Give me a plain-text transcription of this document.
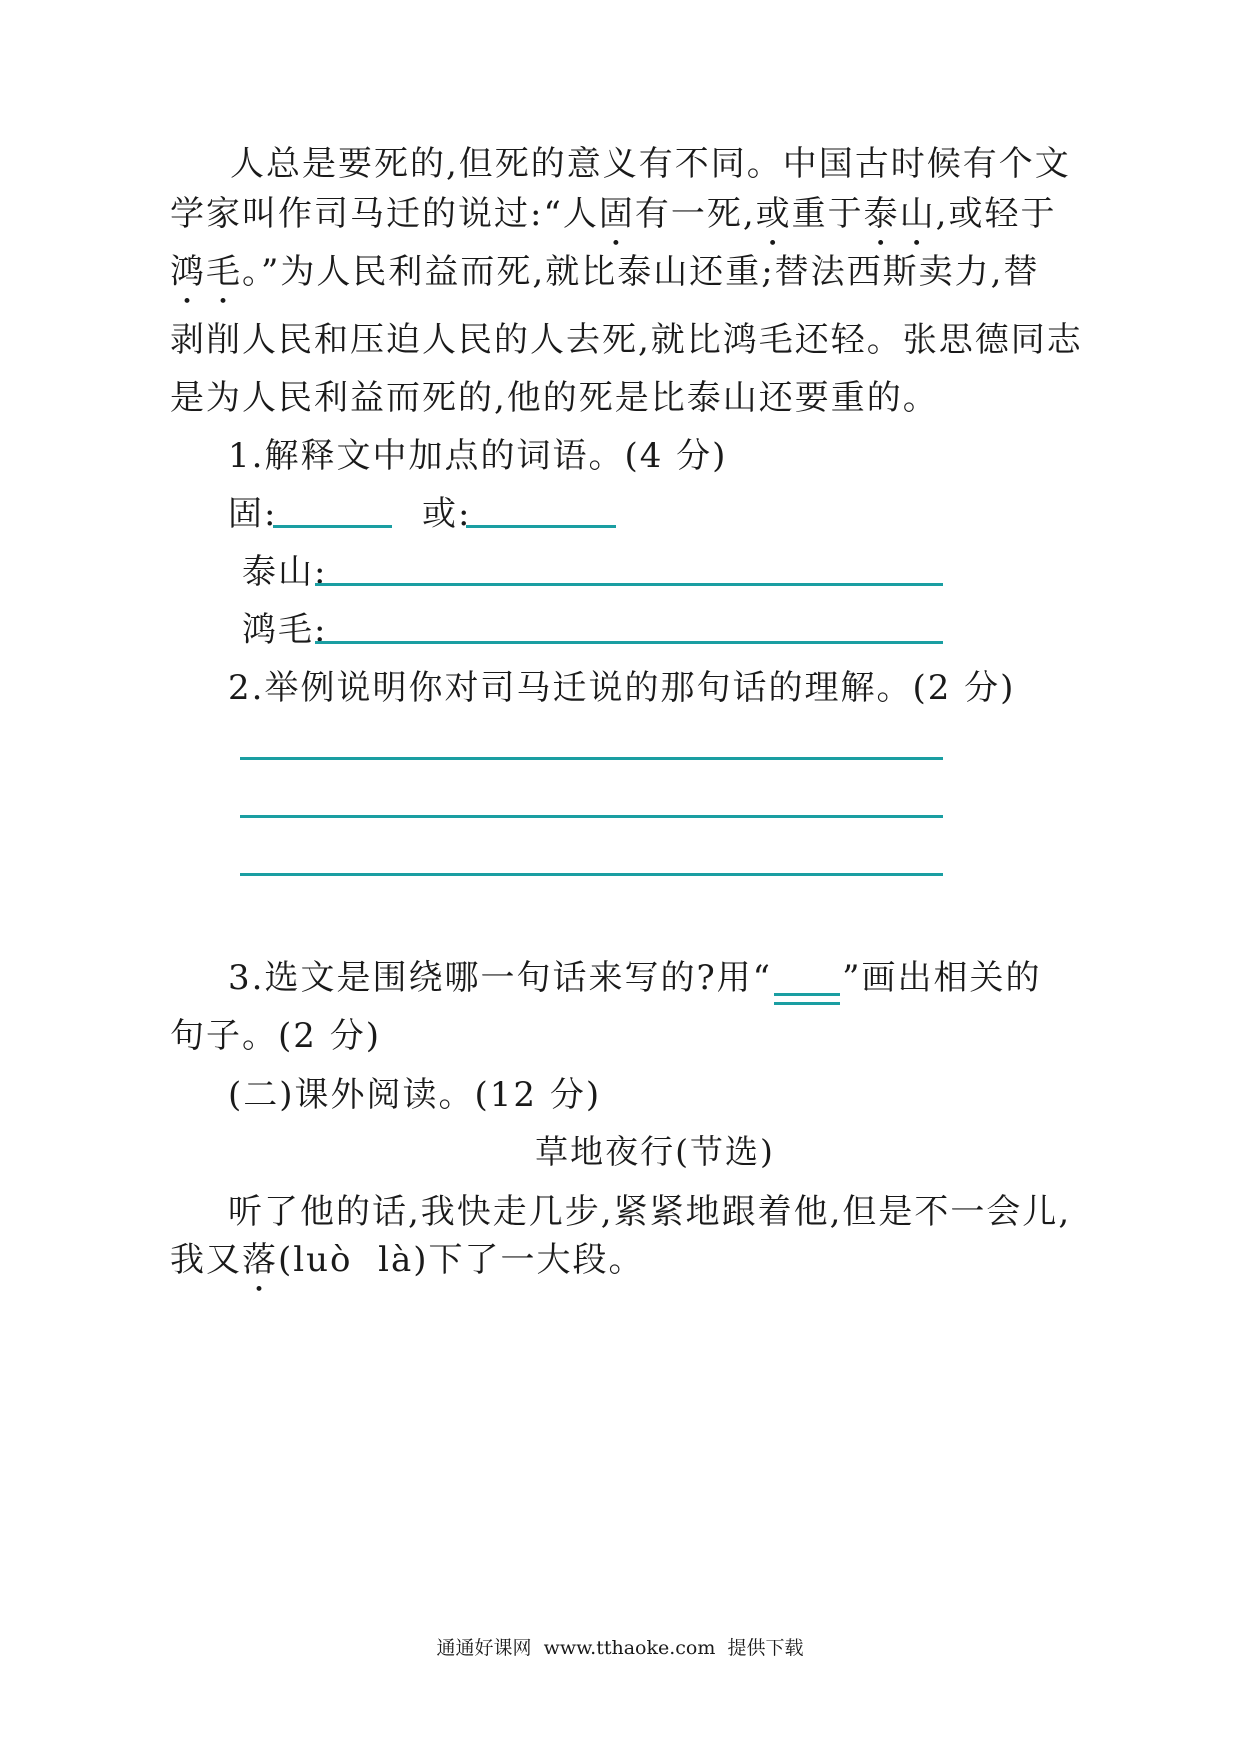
人总是要死的,但死的意义有不同。中国古时候有个文
学家叫作司马迁的说过:“人固有一死,或重于泰山,或轻于
鸿毛。”为人民利益而死,就比泰山还重;替法西斯卖力,替
剥削人民和压迫人民的人去死,就比鸿毛还轻。张思德同志
是为人民利益而死的,他的死是比泰山还要重的。
1.解释文中加点的词语。(4 分)
固:	或:
泰山:
鸿毛:
2.举例说明你对司马迁说的那句话的理解。(2 分)
3.选文是围绕哪一句话来写的?用“ ”画出相关的
句子。(2 分)
(二)课外阅读。(12 分)
草地夜行(节选)
听了他的话,我快走几步,紧紧地跟着他,但是不一会儿,
我又落(luò  là)下了一大段。
通通好课网  www.tthaoke.com  提供下载
